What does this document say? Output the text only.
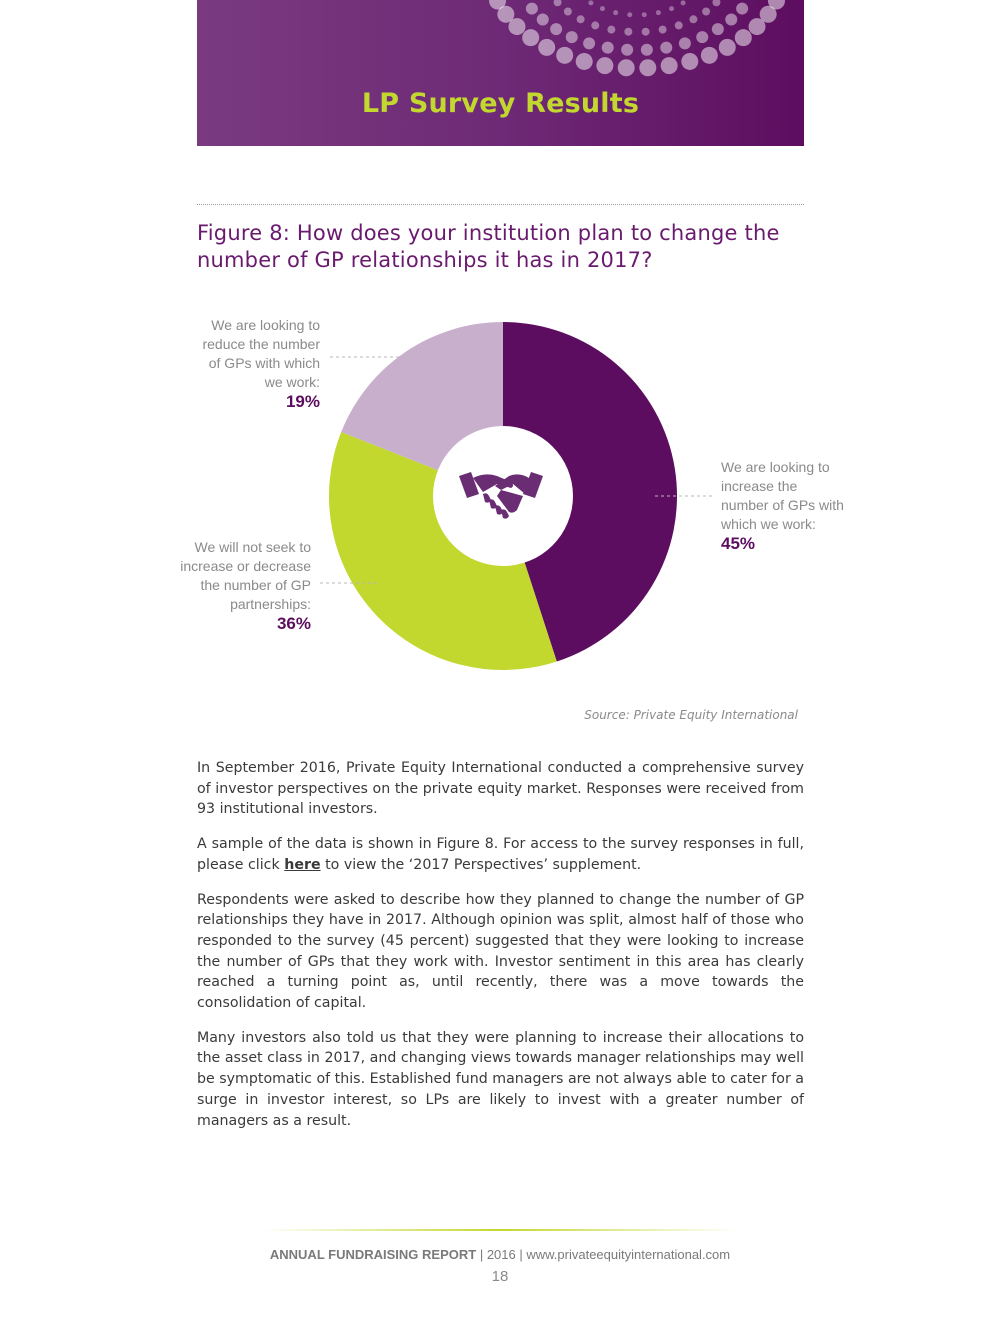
LP Survey Results
Figure 8: How does your institution plan to change the number of GP relationships it has in 2017?
We are looking to reduce the number of GPs with which we work:
19%
We are looking to increase the number of GPs with which we work:
45%
We will not seek to increase or decrease the number of GP partnerships:
36%
Source: Private Equity International

In September 2016, Private Equity International conducted a comprehensive survey of investor perspectives on the private equity market. Responses were received from 93 institutional investors.

A sample of the data is shown in Figure 8. For access to the survey responses in full, please click here to view the ‘2017 Perspectives’ supplement.

Respondents were asked to describe how they planned to change the number of GP relationships they have in 2017. Although opinion was split, almost half of those who responded to the survey (45 percent) suggested that they were looking to increase the number of GPs that they work with. Investor sentiment in this area has clearly reached a turning point as, until recently, there was a move towards the consolidation of capital.

Many investors also told us that they were planning to increase their allocations to the asset class in 2017, and changing views towards manager relationships may well be symptomatic of this. Established fund managers are not always able to cater for a surge in investor interest, so LPs are likely to invest with a greater number of managers as a result.

ANNUAL FUNDRAISING REPORT | 2016 | www.privateequityinternational.com
18
